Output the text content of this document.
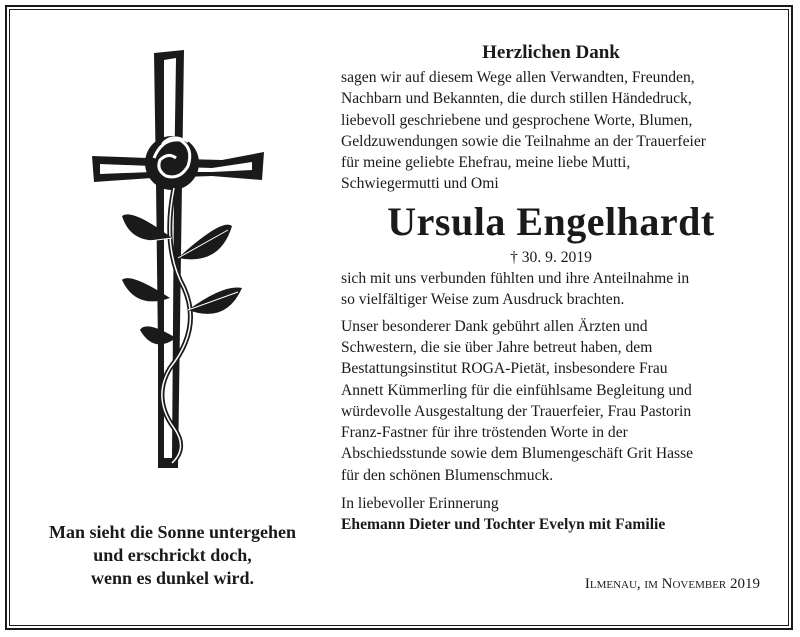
Man sieht die Sonne untergehen
und erschrickt doch,
wenn es dunkel wird.
Herzlichen Dank
sagen wir auf diesem Wege allen Verwandten, Freunden,
Nachbarn und Bekannten, die durch stillen Händedruck,
liebevoll geschriebene und gesprochene Worte, Blumen,
Geldzuwendungen sowie die Teilnahme an der Trauerfeier
für meine geliebte Ehefrau, meine liebe Mutti,
Schwiegermutti und Omi
Ursula Engelhardt
† 30. 9. 2019
sich mit uns verbunden fühlten und ihre Anteilnahme in
so vielfältiger Weise zum Ausdruck brachten.
Unser besonderer Dank gebührt allen Ärzten und
Schwestern, die sie über Jahre betreut haben, dem
Bestattungsinstitut ROGA-Pietät, insbesondere Frau
Annett Kümmerling für die einfühlsame Begleitung und
würdevolle Ausgestaltung der Trauerfeier, Frau Pastorin
Franz-Fastner für ihre tröstenden Worte in der
Abschiedsstunde sowie dem Blumengeschäft Grit Hasse
für den schönen Blumenschmuck.
In liebevoller Erinnerung
Ehemann Dieter und Tochter Evelyn mit Familie
Ilmenau, im November 2019
